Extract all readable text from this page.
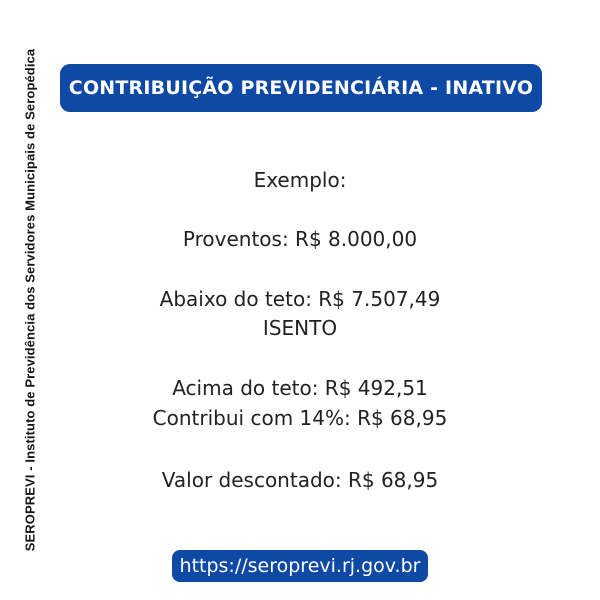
SEROPREVI - Instituto de Previdência dos Servidores Municipais de Seropédica CONTRIBUIÇÃO PREVIDENCIÁRIA - INATIVO
Exemplo:
Proventos: R$ 8.000,00
Abaixo do teto: R$ 7.507,49
ISENTO
Acima do teto: R$ 492,51
Contribui com 14%: R$ 68,95
Valor descontado: R$ 68,95
https://seroprevi.rj.gov.br
